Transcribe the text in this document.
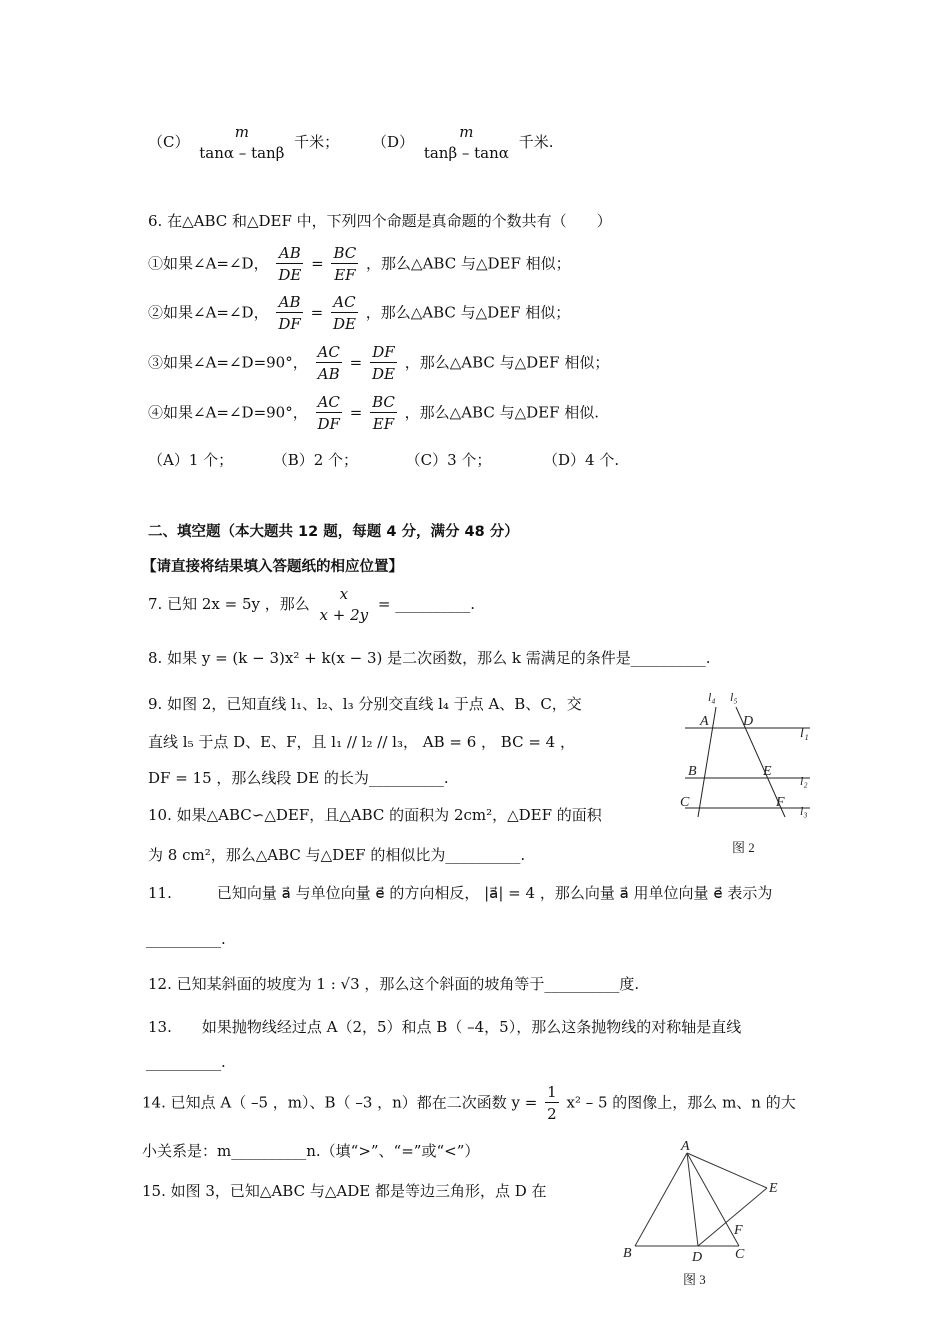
（C）
m
tanα – tanβ
千米； （D）
m
tanβ – tanα
千米.
6. 在△ABC 和△DEF 中，下列四个命题是真命题的个数共有（　　）
①如果∠A=∠D， $\frac{AB}{DE} = \frac{BC}{EF}$ ，那么△ABC 与△DEF 相似；
②如果∠A=∠D， $\frac{AB}{DF} = \frac{AC}{DE}$ ，那么△ABC 与△DEF 相似；
③如果∠A=∠D=90°， $\frac{AC}{AB} = \frac{DF}{DE}$ ，那么△ABC 与△DEF 相似；
④如果∠A=∠D=90°， $\frac{AC}{DF} = \frac{BC}{EF}$ ，那么△ABC 与△DEF 相似.
（A）1 个；	（B）2 个；	（C）3 个；	（D）4 个.
二、填空题（本大题共 12 题，每题 4 分，满分 48 分）
【请直接将结果填入答题纸的相应位置】
7. 已知 2x = 5y ，那么
x
x + 2y
= __________.
8. 如果 y = (k − 3)x² + k(x − 3) 是二次函数，那么 k 需满足的条件是__________.
9. 如图 2，已知直线 l₁、l₂、l₃ 分别交直线 l₄ 于点 A、B、C，交
直线 l₅ 于点 D、E、F，且 l₁ // l₂ // l₃， AB = 6 ， BC = 4 ，
DF = 15 ，那么线段 DE 的长为__________.
10. 如果△ABC∽△DEF，且△ABC 的面积为 2cm²，△DEF 的面积
为 8 cm²，那么△ABC 与△DEF 的相似比为__________.
11.　　　已知向量 a⃗ 与单位向量 e⃗ 的方向相反， |a⃗| = 4 ，那么向量 a⃗ 用单位向量 e⃗ 表示为
__________.
12. 已知某斜面的坡度为 1 : √3 ，那么这个斜面的坡角等于__________度.
13.　　如果抛物线经过点 A（2，5）和点 B（ –4，5），那么这条抛物线的对称轴是直线
__________.
14. 已知点 A（ –5 ，m）、B（ –3 ，n）都在二次函数 $y = \frac{1}{2} x^2 - 5$ 的图像上，那么 m、n 的大
小关系是：m__________n.（填“>”、“=”或“<”）
15. 如图 3，已知△ABC 与△ADE 都是等边三角形，点 D 在
l₄ l₅
A D
B	E
C	F
l₁
l₂
l₃
图 2
A
E
F
B	D C
图 3
